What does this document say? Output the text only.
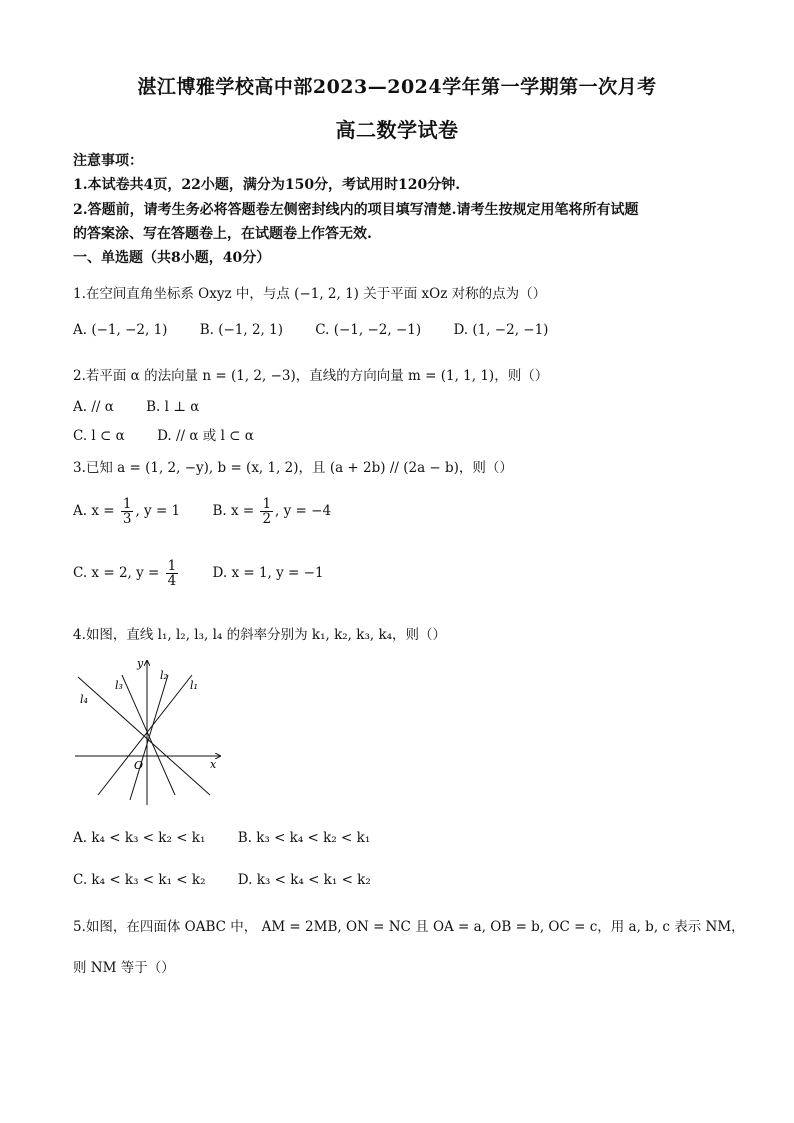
湛江博雅学校高中部2023—2024学年第一学期第一次月考
高二数学试卷
注意事项：
1.本试卷共4页，22小题，满分为150分，考试用时120分钟.
2.答题前，请考生务必将答题卷左侧密封线内的项目填写清楚.请考生按规定用笔将所有试题
的答案涂、写在答题卷上，在试题卷上作答无效.
一、单选题（共8小题，40分）
1.在空间直角坐标系 Oxyz 中，与点 (−1, 2, 1) 关于平面 xOz 对称的点为（）
A. (−1, −2, 1) B. (−1, 2, 1) C. (−1, −2, −1) D. (1, −2, −1)
2.若平面 α 的法向量 n = (1, 2, −3)，直线的方向向量 m = (1, 1, 1)，则（）
A. // α B. l ⊥ α
C. l ⊂ α D. // α 或 l ⊂ α
3.已知 a = (1, 2, −y), b = (x, 1, 2)，且 (a + 2b) // (2a − b)，则（）
A. $x = \frac{1}{3}$ , y = 1 B. $x = \frac{1}{2}$ , y = −4
C. x = 2, $y = \frac{1}{4}$	D. x = 1, y = −1
4.如图，直线 l₁, l₂, l₃, l₄ 的斜率分别为 k₁, k₂, k₃, k₄，则（）
y
x
O
l₁
l₂
l₃
l₄
A. k₄ < k₃ < k₂ < k₁ B. k₃ < k₄ < k₂ < k₁
C. k₄ < k₃ < k₁ < k₂ D. k₃ < k₄ < k₁ < k₂
5.如图，在四面体 OABC 中， AM = 2MB, ON = NC 且 OA = a, OB = b, OC = c，用 a, b, c 表示 NM，
则 NM 等于（）
